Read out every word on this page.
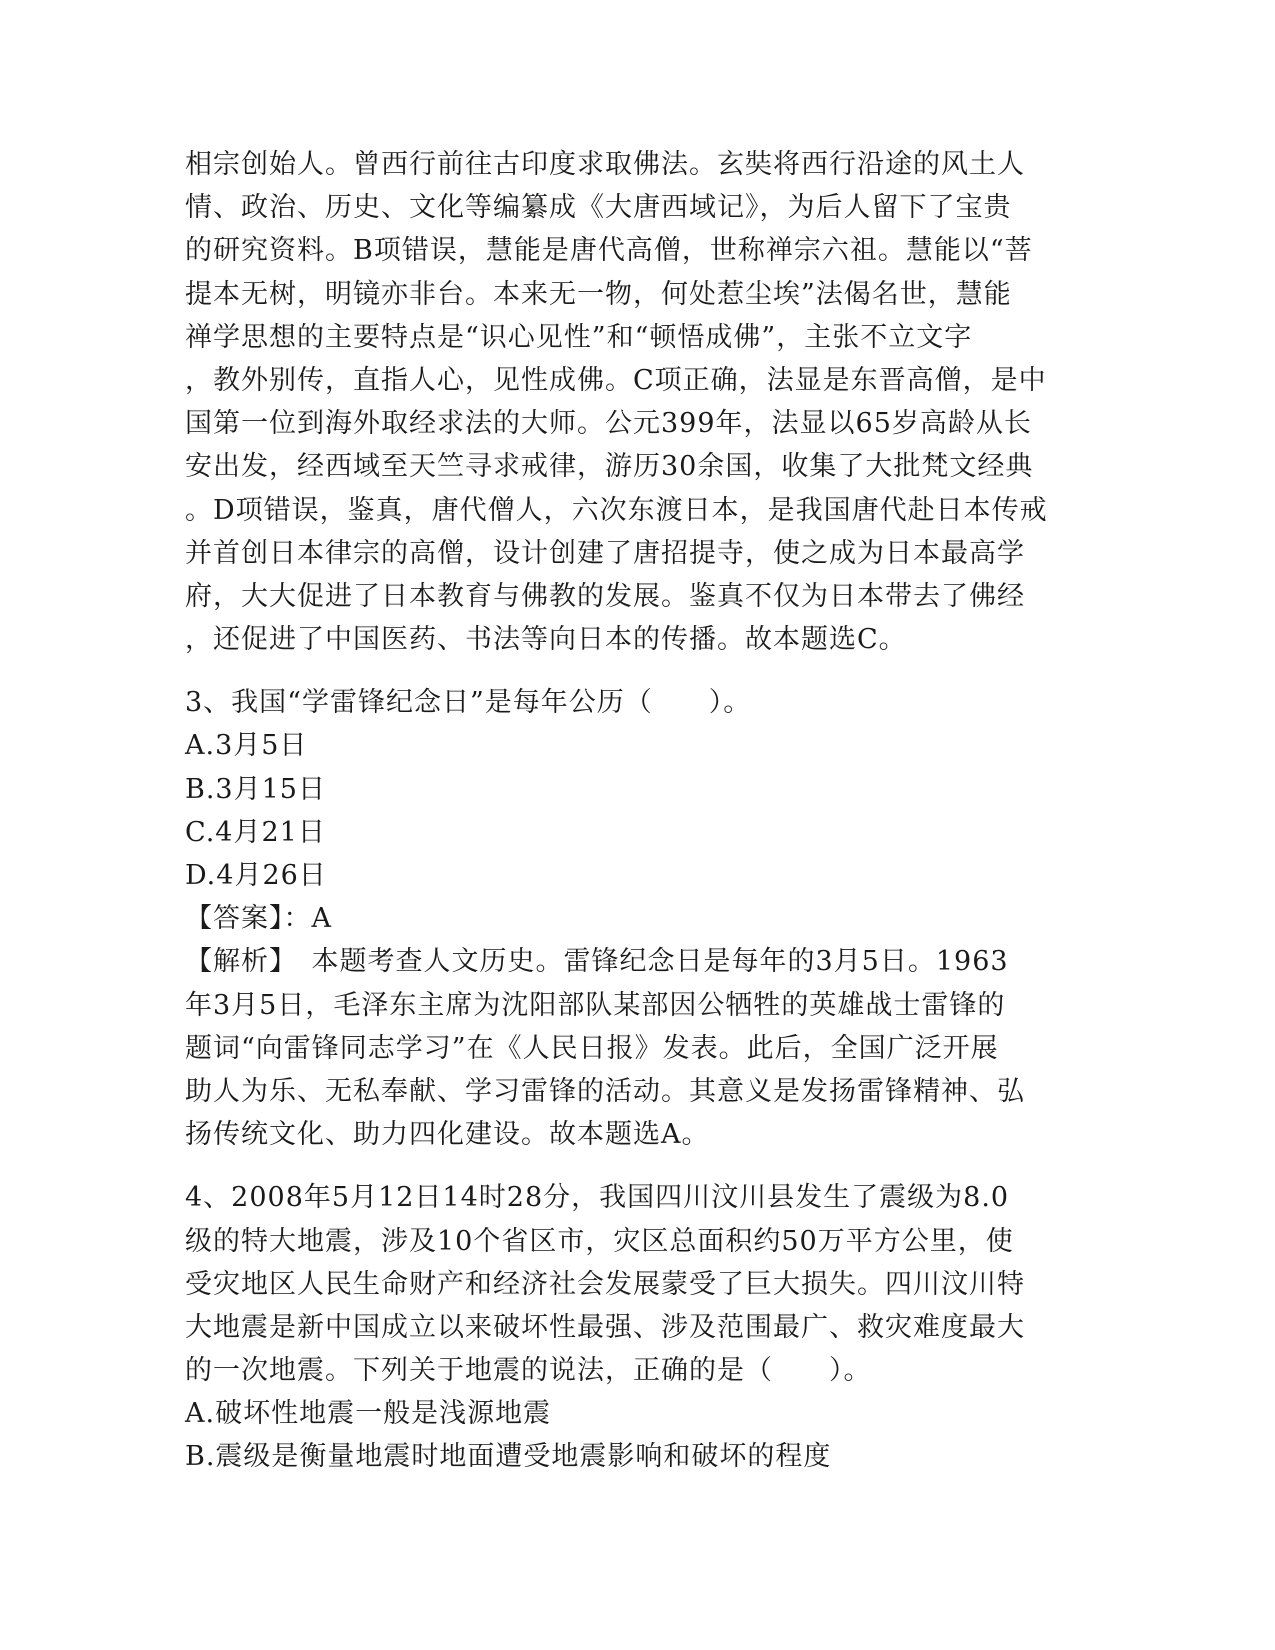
相宗创始人。曾西行前往古印度求取佛法。玄奘将西行沿途的风土人
情、政治、历史、文化等编纂成《大唐西域记》，为后人留下了宝贵
的研究资料。B项错误，慧能是唐代高僧，世称禅宗六祖。慧能以“菩
提本无树，明镜亦非台。本来无一物，何处惹尘埃”法偈名世，慧能
禅学思想的主要特点是“识心见性”和“顿悟成佛”，主张不立文字
，教外别传，直指人心，见性成佛。C项正确，法显是东晋高僧，是中
国第一位到海外取经求法的大师。公元399年，法显以65岁高龄从长
安出发，经西域至天竺寻求戒律，游历30余国，收集了大批梵文经典
。D项错误，鉴真，唐代僧人，六次东渡日本，是我国唐代赴日本传戒
并首创日本律宗的高僧，设计创建了唐招提寺，使之成为日本最高学
府，大大促进了日本教育与佛教的发展。鉴真不仅为日本带去了佛经
，还促进了中国医药、书法等向日本的传播。故本题选C。
3、我国“学雷锋纪念日”是每年公历（　　）。
A.3月5日
B.3月15日
C.4月21日
D.4月26日
【答案】：A
【解析】　本题考查人文历史。雷锋纪念日是每年的3月5日。1963
年3月5日，毛泽东主席为沈阳部队某部因公牺牲的英雄战士雷锋的
题词“向雷锋同志学习”在《人民日报》发表。此后，全国广泛开展
助人为乐、无私奉献、学习雷锋的活动。其意义是发扬雷锋精神、弘
扬传统文化、助力四化建设。故本题选A。
4、2008年5月12日14时28分，我国四川汶川县发生了震级为8.0
级的特大地震，涉及10个省区市，灾区总面积约50万平方公里，使
受灾地区人民生命财产和经济社会发展蒙受了巨大损失。四川汶川特
大地震是新中国成立以来破坏性最强、涉及范围最广、救灾难度最大
的一次地震。下列关于地震的说法，正确的是（　　）。
A.破坏性地震一般是浅源地震
B.震级是衡量地震时地面遭受地震影响和破坏的程度
